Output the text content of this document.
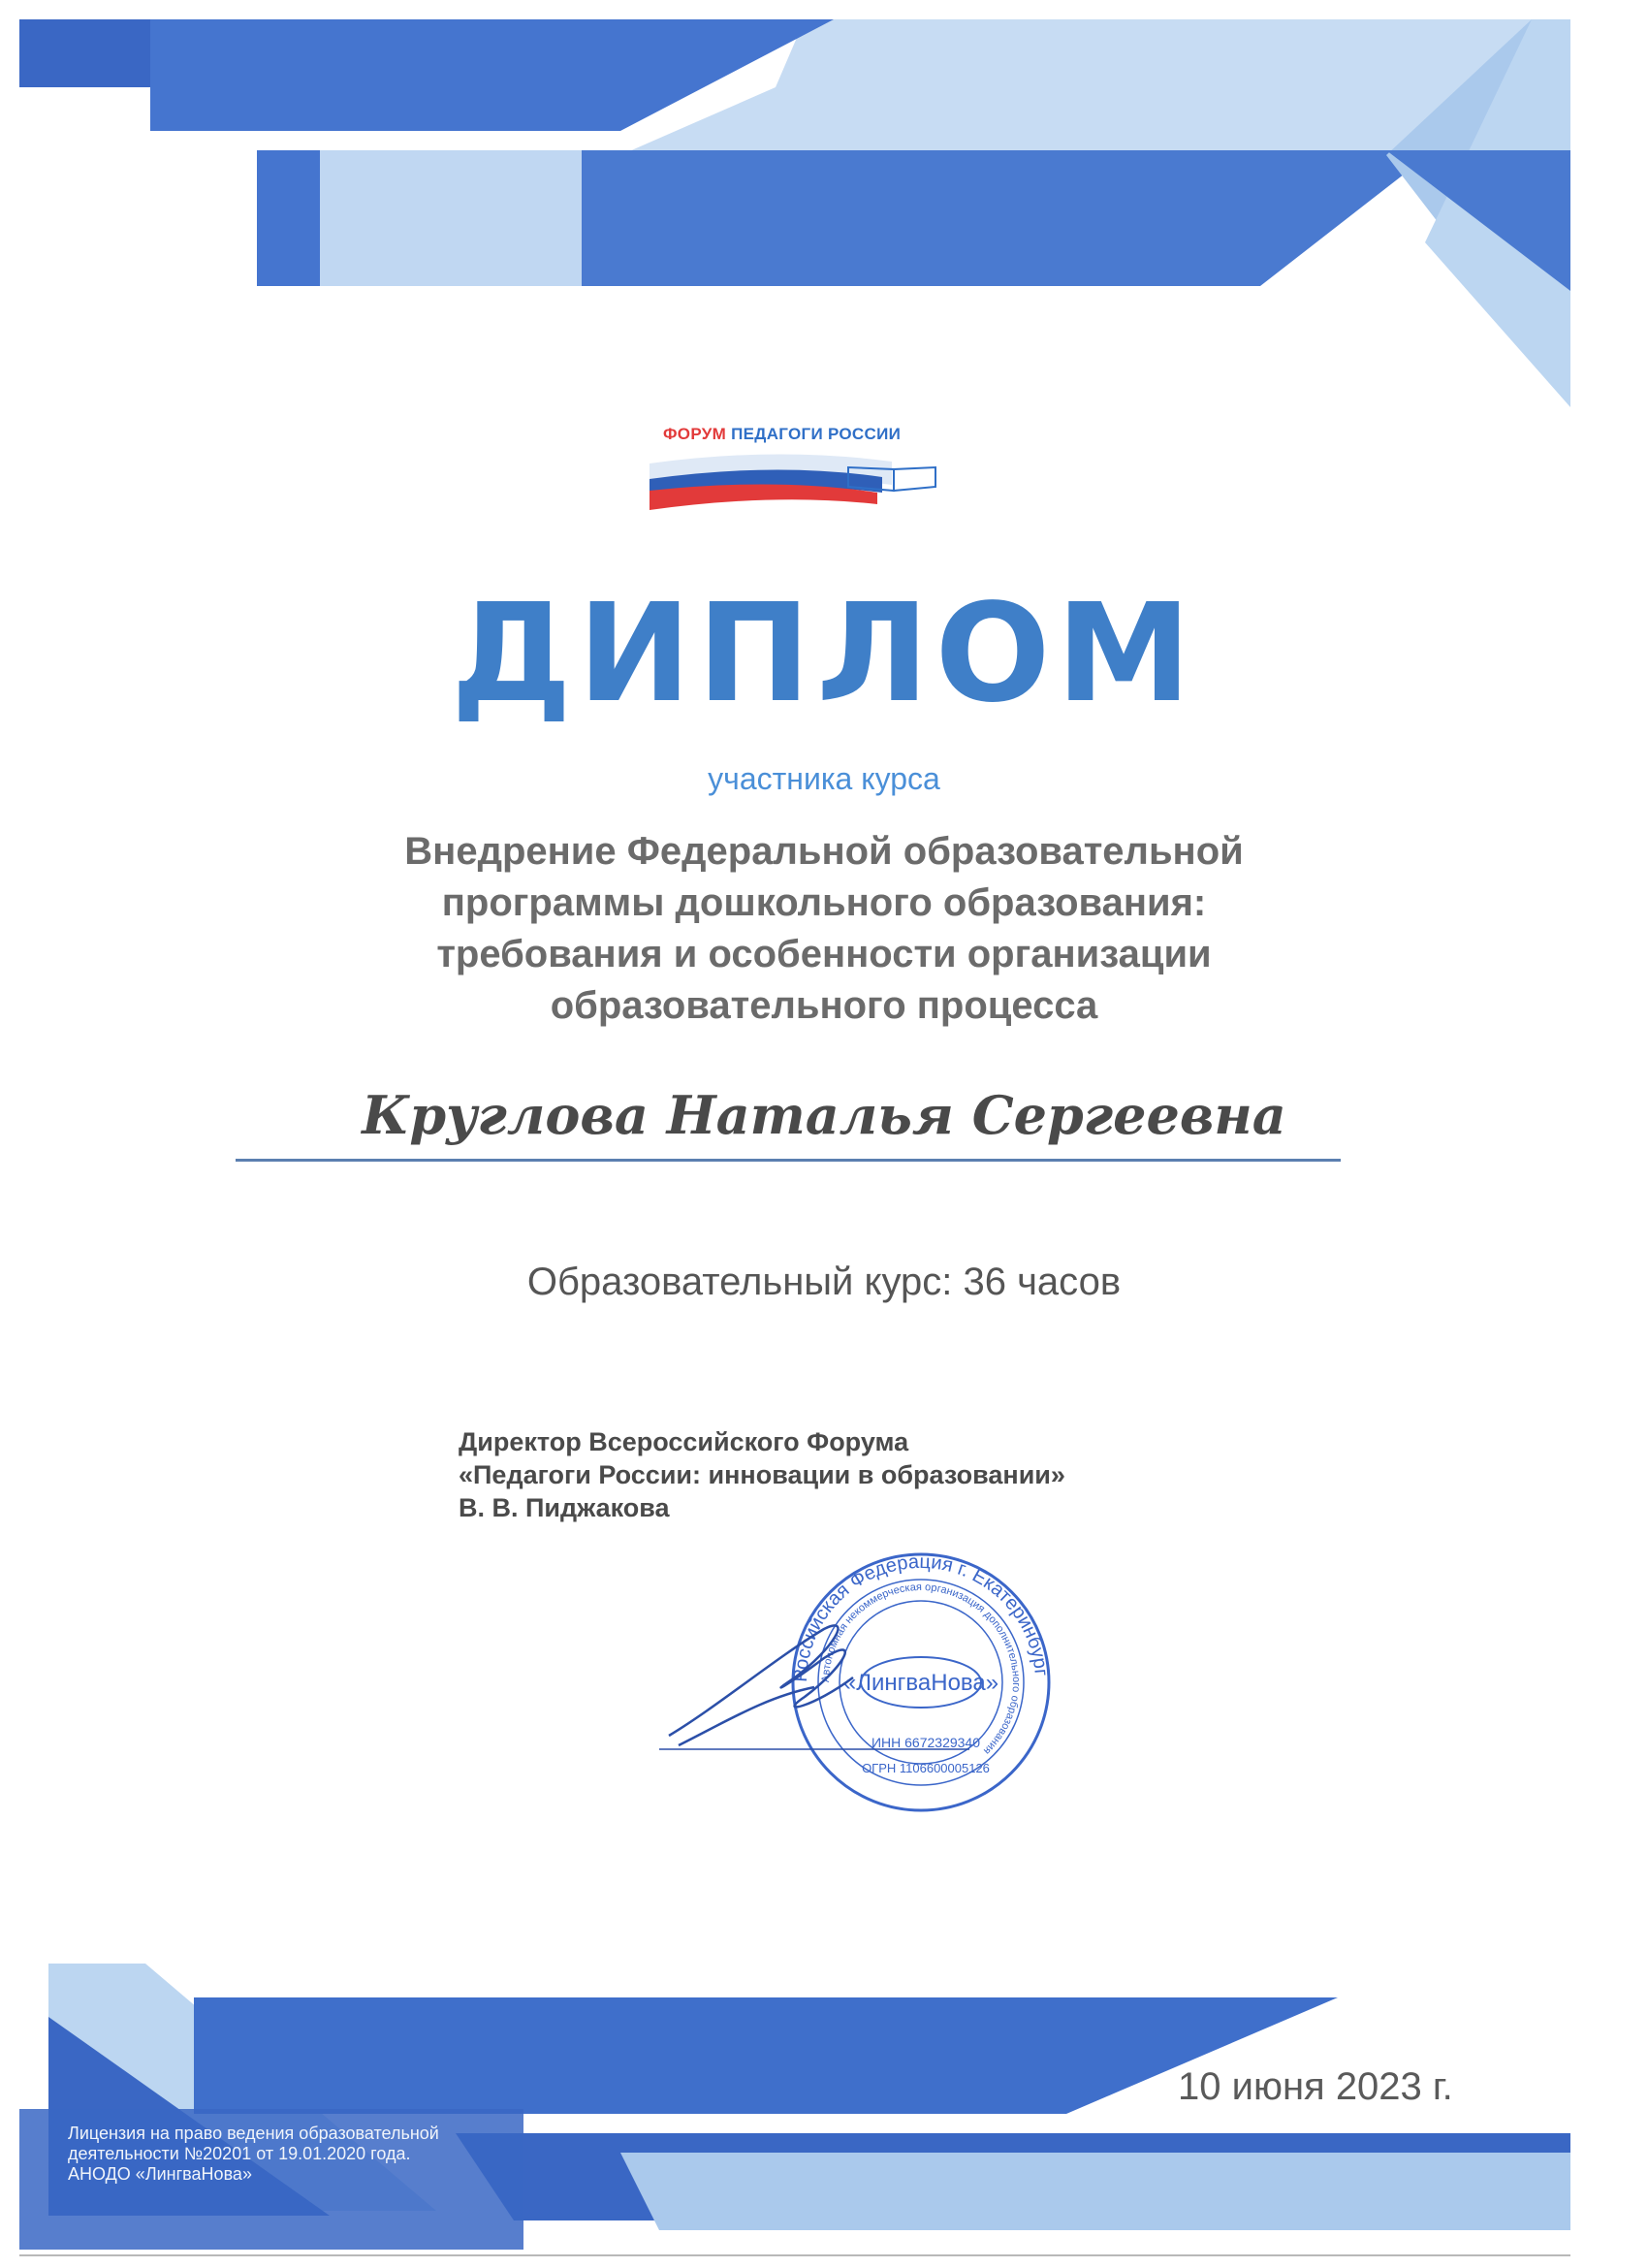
ФОРУМ ПЕДАГОГИ РОССИИ
ДИПЛОМ
участника курса
Внедрение Федеральной образовательной
программы дошкольного образования:
требования и особенности организации
образовательного процесса
Круглова Наталья Сергеевна
Образовательный курс: 36 часов
Директор Всероссийского Форума
«Педагоги России: инновации в образовании»
В. В. Пиджакова
Российская Федерация г. Екатеринбург
Автономная некоммерческая организация дополнительного образования
«ЛингваНова»
ИНН 6672329340
ОГРН 1106600005126
10 июня 2023 г.
Лицензия на право ведения образовательной
деятельности №20201 от 19.01.2020 года.
АНОДО «ЛингваНова»
